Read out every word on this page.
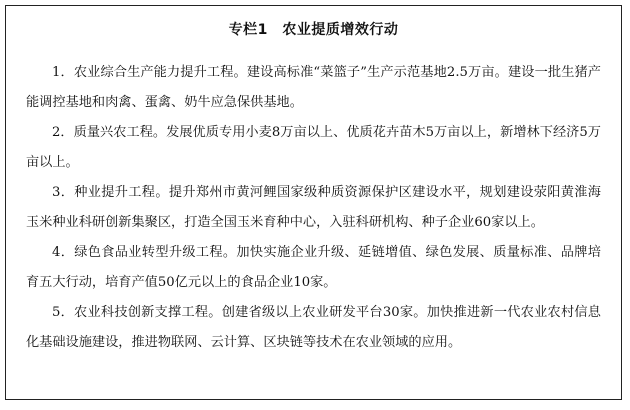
专栏1　农业提质增效行动

1．农业综合生产能力提升工程。建设高标准“菜篮子”生产示范基地2.5万亩。建设一批生猪产能调控基地和肉禽、蛋禽、奶牛应急保供基地。

2．质量兴农工程。发展优质专用小麦8万亩以上、优质花卉苗木5万亩以上，新增林下经济5万亩以上。

3．种业提升工程。提升郑州市黄河鲤国家级种质资源保护区建设水平，规划建设荥阳黄淮海玉米种业科研创新集聚区，打造全国玉米育种中心，入驻科研机构、种子企业60家以上。

4．绿色食品业转型升级工程。加快实施企业升级、延链增值、绿色发展、质量标准、品牌培育五大行动，培育产值50亿元以上的食品企业10家。

5．农业科技创新支撑工程。创建省级以上农业研发平台30家。加快推进新一代农业农村信息化基础设施建设，推进物联网、云计算、区块链等技术在农业领域的应用。
